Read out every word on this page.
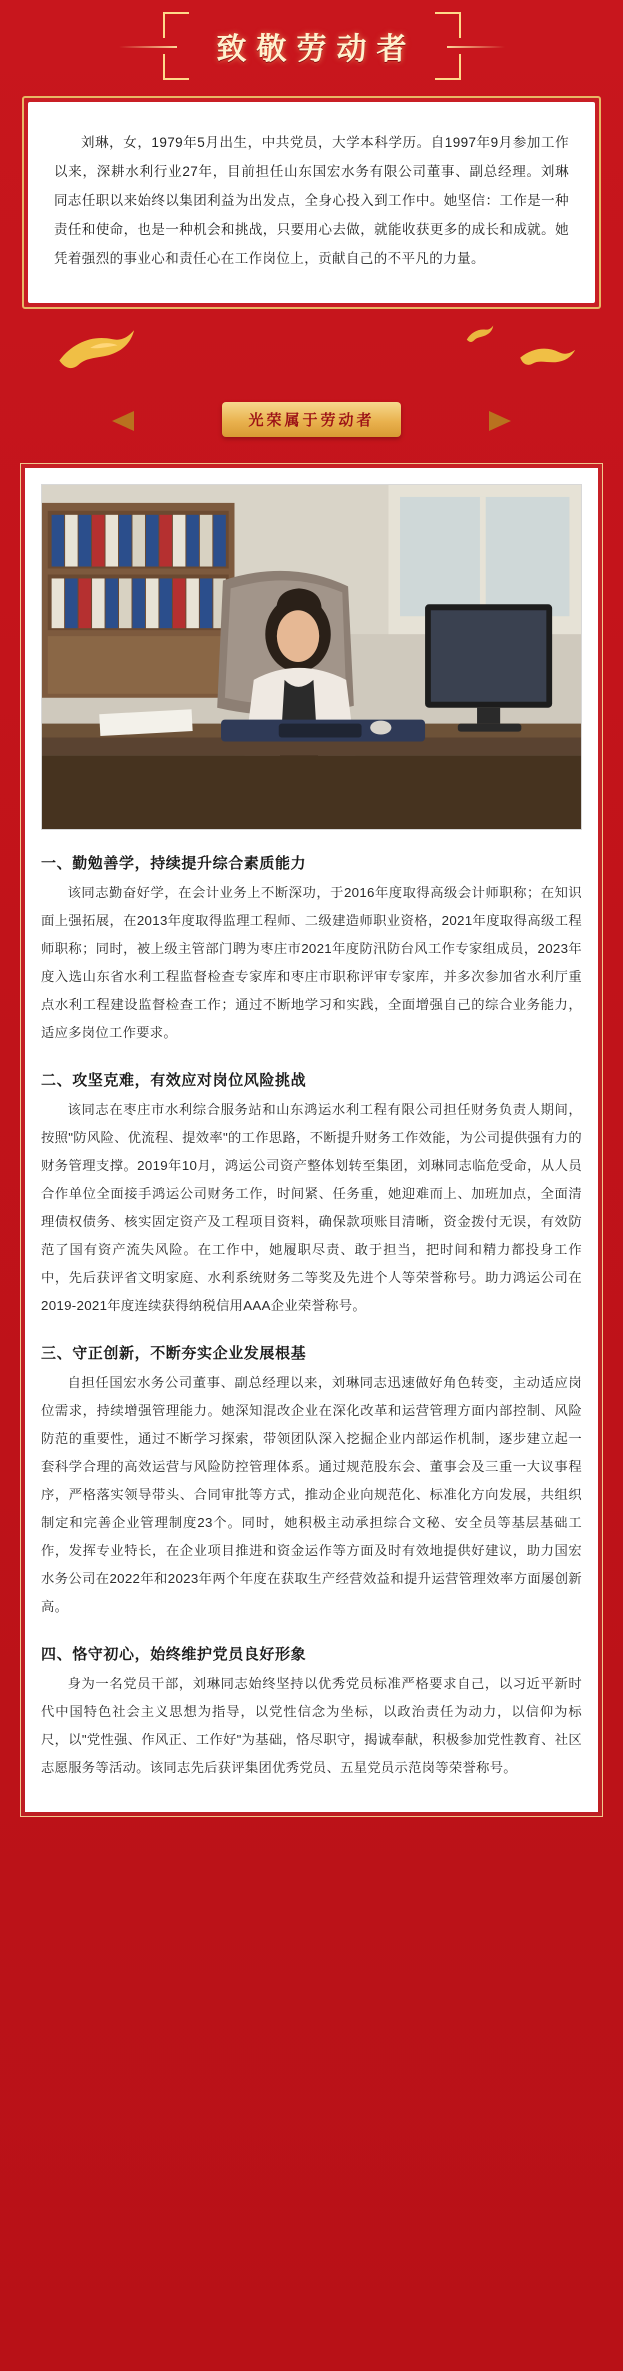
致敬劳动者

刘琳，女，1979年5月出生，中共党员，大学本科学历。自1997年9月参加工作以来，深耕水利行业27年，目前担任山东国宏水务有限公司董事、副总经理。刘琳同志任职以来始终以集团利益为出发点，全身心投入到工作中。她坚信：工作是一种责任和使命，也是一种机会和挑战，只要用心去做，就能收获更多的成长和成就。她凭着强烈的事业心和责任心在工作岗位上，贡献自己的不平凡的力量。

光荣属于劳动者
一、勤勉善学，持续提升综合素质能力

该同志勤奋好学，在会计业务上不断深功，于2016年度取得高级会计师职称；在知识面上强拓展，在2013年度取得监理工程师、二级建造师职业资格，2021年度取得高级工程师职称；同时，被上级主管部门聘为枣庄市2021年度防汛防台风工作专家组成员，2023年度入选山东省水利工程监督检查专家库和枣庄市职称评审专家库，并多次参加省水利厅重点水利工程建设监督检查工作；通过不断地学习和实践，全面增强自己的综合业务能力，适应多岗位工作要求。

二、攻坚克难，有效应对岗位风险挑战

该同志在枣庄市水利综合服务站和山东鸿运水利工程有限公司担任财务负责人期间，按照"防风险、优流程、提效率"的工作思路，不断提升财务工作效能，为公司提供强有力的财务管理支撑。2019年10月，鸿运公司资产整体划转至集团，刘琳同志临危受命，从人员合作单位全面接手鸿运公司财务工作，时间紧、任务重，她迎难而上、加班加点，全面清理债权债务、核实固定资产及工程项目资料，确保款项账目清晰，资金拨付无误，有效防范了国有资产流失风险。在工作中，她履职尽责、敢于担当，把时间和精力都投身工作中，先后获评省文明家庭、水利系统财务二等奖及先进个人等荣誉称号。助力鸿运公司在2019-2021年度连续获得纳税信用AAA企业荣誉称号。

三、守正创新，不断夯实企业发展根基

自担任国宏水务公司董事、副总经理以来，刘琳同志迅速做好角色转变，主动适应岗位需求，持续增强管理能力。她深知混改企业在深化改革和运营管理方面内部控制、风险防范的重要性，通过不断学习探索，带领团队深入挖掘企业内部运作机制，逐步建立起一套科学合理的高效运营与风险防控管理体系。通过规范股东会、董事会及三重一大议事程序，严格落实领导带头、合同审批等方式，推动企业向规范化、标准化方向发展，共组织制定和完善企业管理制度23个。同时，她积极主动承担综合文秘、安全员等基层基础工作，发挥专业特长，在企业项目推进和资金运作等方面及时有效地提供好建议，助力国宏水务公司在2022年和2023年两个年度在获取生产经营效益和提升运营管理效率方面屡创新高。

四、恪守初心，始终维护党员良好形象

身为一名党员干部，刘琳同志始终坚持以优秀党员标准严格要求自己，以习近平新时代中国特色社会主义思想为指导，以党性信念为坐标，以政治责任为动力，以信仰为标尺，以"党性强、作风正、工作好"为基础，恪尽职守，揭诚奉献，积极参加党性教育、社区志愿服务等活动。该同志先后获评集团优秀党员、五星党员示范岗等荣誉称号。
